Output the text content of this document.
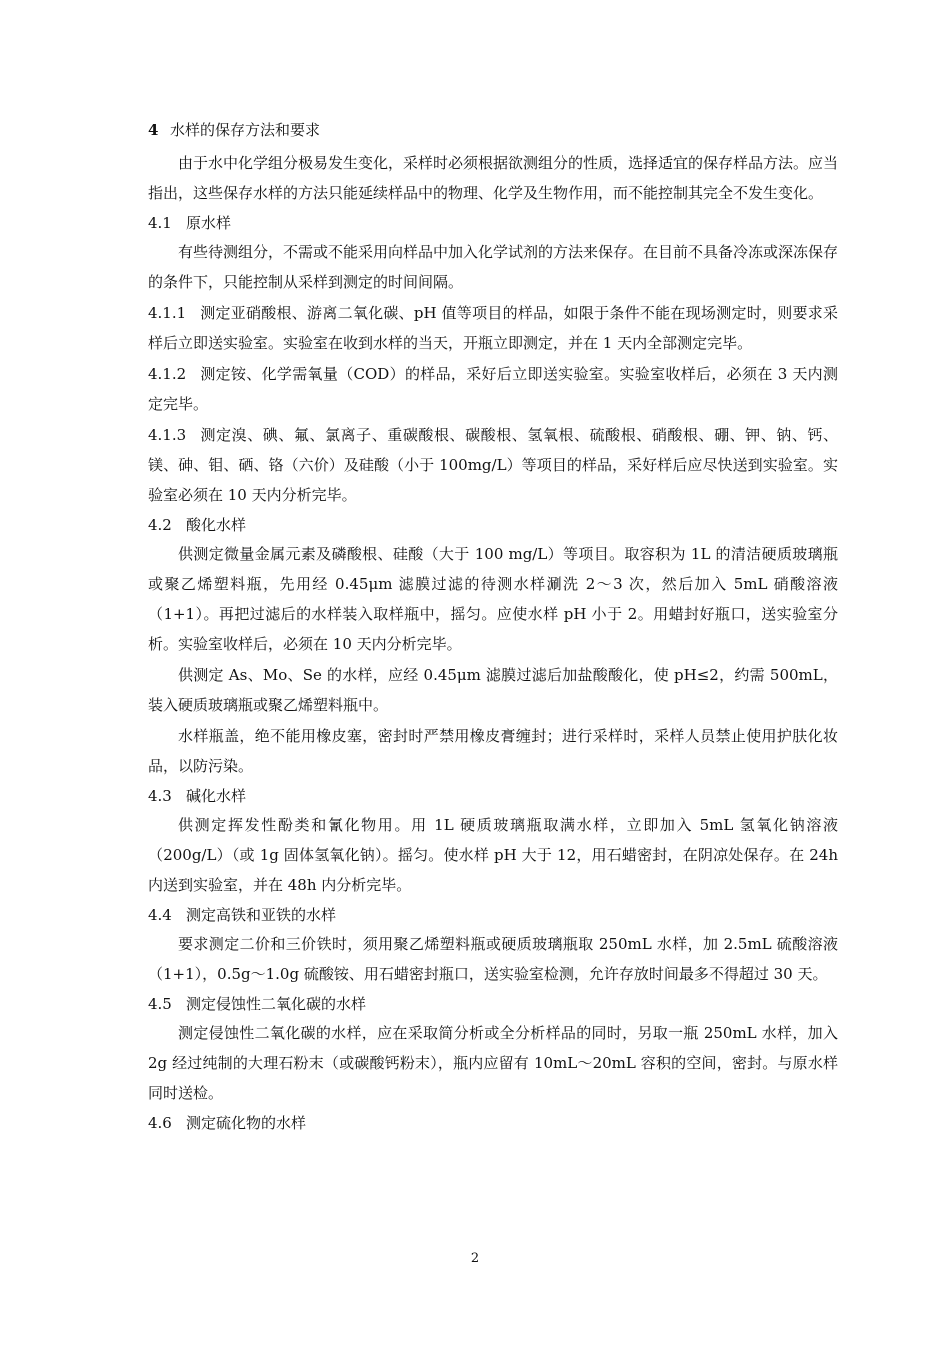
4 水样的保存方法和要求

由于水中化学组分极易发生变化，采样时必须根据欲测组分的性质，选择适宜的保存样品方法。应当指出，这些保存水样的方法只能延续样品中的物理、化学及生物作用，而不能控制其完全不发生变化。

4.1 原水样

有些待测组分，不需或不能采用向样品中加入化学试剂的方法来保存。在目前不具备冷冻或深冻保存的条件下，只能控制从采样到测定的时间间隔。

4.1.1 测定亚硝酸根、游离二氧化碳、pH 值等项目的样品，如限于条件不能在现场测定时，则要求采样后立即送实验室。实验室在收到水样的当天，开瓶立即测定，并在 1 天内全部测定完毕。

4.1.2 测定铵、化学需氧量（COD）的样品，采好后立即送实验室。实验室收样后，必须在 3 天内测定完毕。

4.1.3 测定溴、碘、氟、氯离子、重碳酸根、碳酸根、氢氧根、硫酸根、硝酸根、硼、钾、钠、钙、镁、砷、钼、硒、铬（六价）及硅酸（小于 100mg/L）等项目的样品，采好样后应尽快送到实验室。实验室必须在 10 天内分析完毕。

4.2 酸化水样

供测定微量金属元素及磷酸根、硅酸（大于 100 mg/L）等项目。取容积为 1L 的清洁硬质玻璃瓶或聚乙烯塑料瓶，先用经 0.45μm 滤膜过滤的待测水样涮洗 2～3 次，然后加入 5mL 硝酸溶液（1+1）。再把过滤后的水样装入取样瓶中，摇匀。应使水样 pH 小于 2。用蜡封好瓶口，送实验室分析。实验室收样后，必须在 10 天内分析完毕。

供测定 As、Mo、Se 的水样，应经 0.45μm 滤膜过滤后加盐酸酸化，使 pH≤2，约需 500mL，装入硬质玻璃瓶或聚乙烯塑料瓶中。

水样瓶盖，绝不能用橡皮塞，密封时严禁用橡皮膏缠封；进行采样时，采样人员禁止使用护肤化妆品，以防污染。

4.3 碱化水样

供测定挥发性酚类和氰化物用。用 1L 硬质玻璃瓶取满水样，立即加入 5mL 氢氧化钠溶液（200g/L）（或 1g 固体氢氧化钠）。摇匀。使水样 pH 大于 12，用石蜡密封，在阴凉处保存。在 24h 内送到实验室，并在 48h 内分析完毕。

4.4 测定高铁和亚铁的水样

要求测定二价和三价铁时，须用聚乙烯塑料瓶或硬质玻璃瓶取 250mL 水样，加 2.5mL 硫酸溶液（1+1），0.5g～1.0g 硫酸铵、用石蜡密封瓶口，送实验室检测，允许存放时间最多不得超过 30 天。

4.5 测定侵蚀性二氧化碳的水样

测定侵蚀性二氧化碳的水样，应在采取简分析或全分析样品的同时，另取一瓶 250mL 水样，加入 2g 经过纯制的大理石粉末（或碳酸钙粉末），瓶内应留有 10mL～20mL 容积的空间，密封。与原水样同时送检。

4.6 测定硫化物的水样
2
